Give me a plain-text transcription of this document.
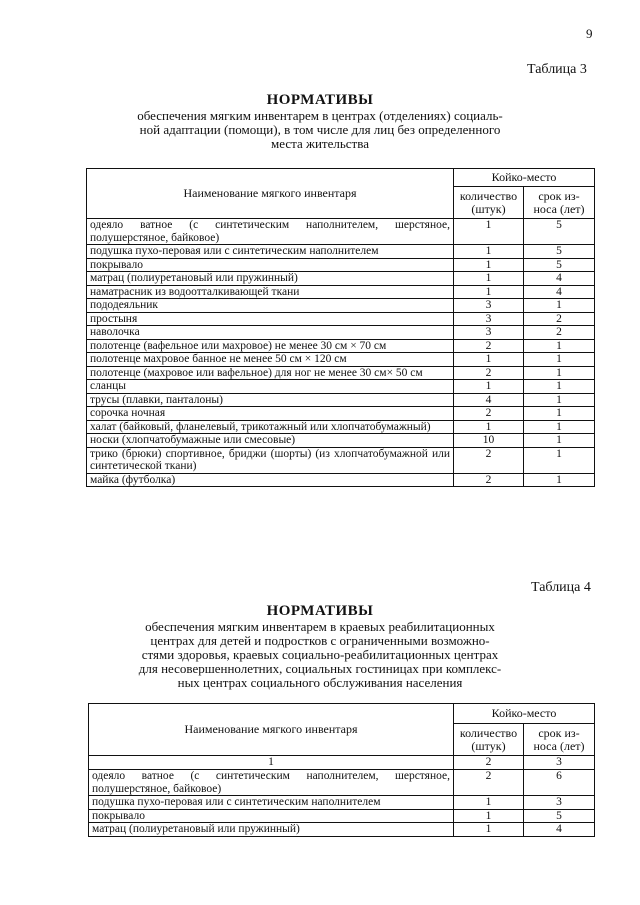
9
Таблица 3
НОРМАТИВЫ
обеспечения мягким инвентарем в центрах (отделениях) социаль-
ной адаптации (помощи), в том числе для лиц без определенного
места жительства
Наименование мягкого инвентаря	Койко-место	
	количество (штук)	срок из-носа (лет)
одеяло ватное (с синтетическим наполнителем, шерстяное, полушерстяное, байковое)	1	5
подушка пухо-перовая или с синтетическим наполнителем	1	5
покрывало	1	5
матрац (полиуретановый или пружинный)	1	4
наматрасник из водоотталкивающей ткани	1	4
пододеяльник	3	1
простыня	3	2
наволочка	3	2
полотенце (вафельное или махровое) не менее 30 см × 70 см	2	1
полотенце махровое банное не менее 50 см × 120 см	1	1
полотенце (махровое или вафельное) для ног не менее 30 см× 50 см	2	1
сланцы	1	1
трусы (плавки, панталоны)	4	1
сорочка ночная	2	1
халат (байковый, фланелевый, трикотажный или хлопчатобумажный)	1	1
носки (хлопчатобумажные или смесовые)	10	1
трико (брюки) спортивное, бриджи (шорты) (из хлопчатобумажной или синтетической ткани)	2	1
майка (футболка)	2	1
Таблица 4
НОРМАТИВЫ
обеспечения мягким инвентарем в краевых реабилитационных
центрах для детей и подростков с ограниченными возможно-
стями здоровья, краевых социально-реабилитационных центрах
для несовершеннолетних, социальных гостиницах при комплекс-
ных центрах социального обслуживания населения
Наименование мягкого инвентаря	Койко-место	
	количество (штук)	срок из-носа (лет)
1	2	3
одеяло ватное (с синтетическим наполнителем, шерстяное, полушерстяное, байковое)	2	6
подушка пухо-перовая или с синтетическим наполнителем	1	3
покрывало	1	5
матрац (полиуретановый или пружинный)	1	4
